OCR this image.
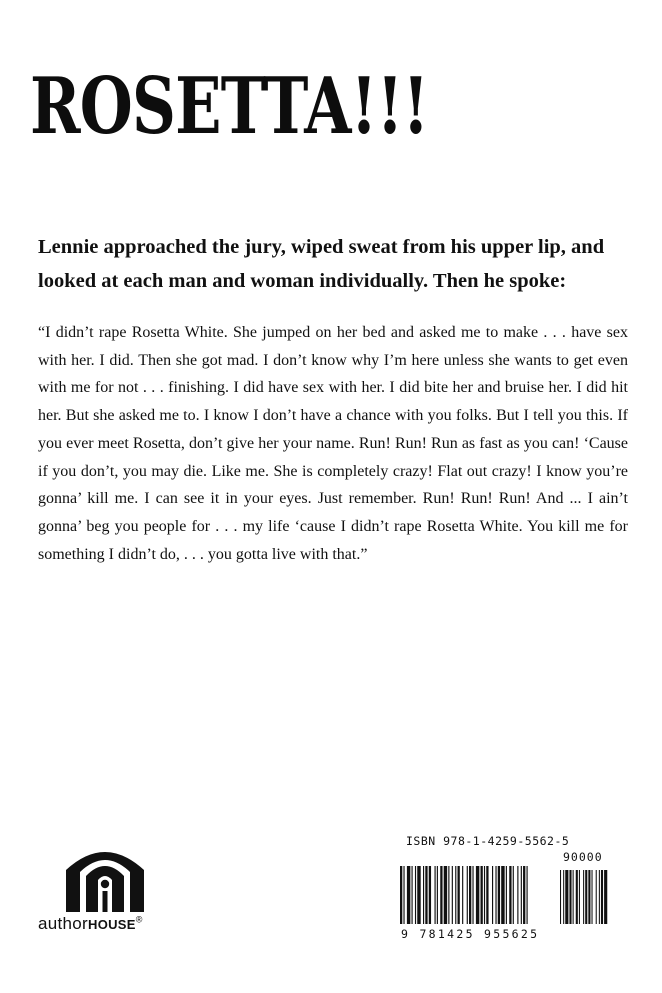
ROSETTA!!!
Lennie approached the jury, wiped sweat from his upper lip, and looked at each man and woman individually. Then he spoke:
“I didn’t rape Rosetta White. She jumped on her bed and asked me to make . . . have sex with her. I did. Then she got mad. I don’t know why I’m here unless she wants to get even with me for not . . . finishing. I did have sex with her. I did bite her and bruise her. I did hit her. But she asked me to. I know I don’t have a chance with you folks. But I tell you this. If you ever meet Rosetta, don’t give her your name. Run! Run! Run as fast as you can! ‘Cause if you don’t, you may die. Like me. She is completely crazy! Flat out crazy! I know you’re gonna’ kill me. I can see it in your eyes. Just remember. Run! Run! Run! And ... I ain’t gonna’ beg you people for . . . my life ‘cause I didn’t rape Rosetta White. You kill me for something I didn’t do, . . . you gotta live with that.”
authorHOUSE®
ISBN 978-1-4259-5562-5
90000
9 781425 955625
